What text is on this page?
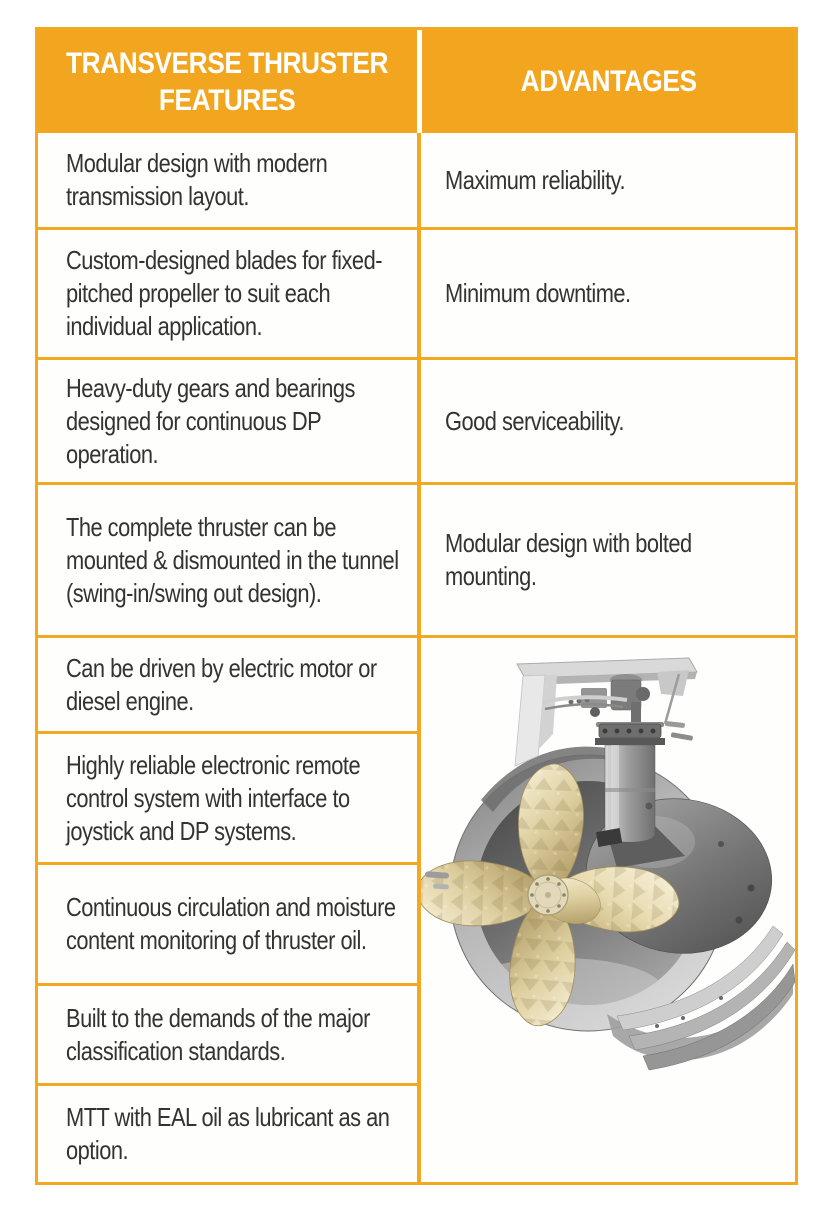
TRANSVERSE THRUSTER FEATURES
ADVANTAGES
Modular design with modern transmission layout.
Custom-designed blades for fixed-pitched propeller to suit each individual application.
Heavy-duty gears and bearings designed for continuous DP operation.
The complete thruster can be mounted & dismounted in the tunnel (swing-in/swing out design).
Can be driven by electric motor or diesel engine.
Highly reliable electronic remote control system with interface to joystick and DP systems.
Continuous circulation and moisture content monitoring of thruster oil.
Built to the demands of the major classification standards.
MTT with EAL oil as lubricant as an option.
Maximum reliability.
Minimum downtime.
Good serviceability.
Modular design with bolted mounting.
